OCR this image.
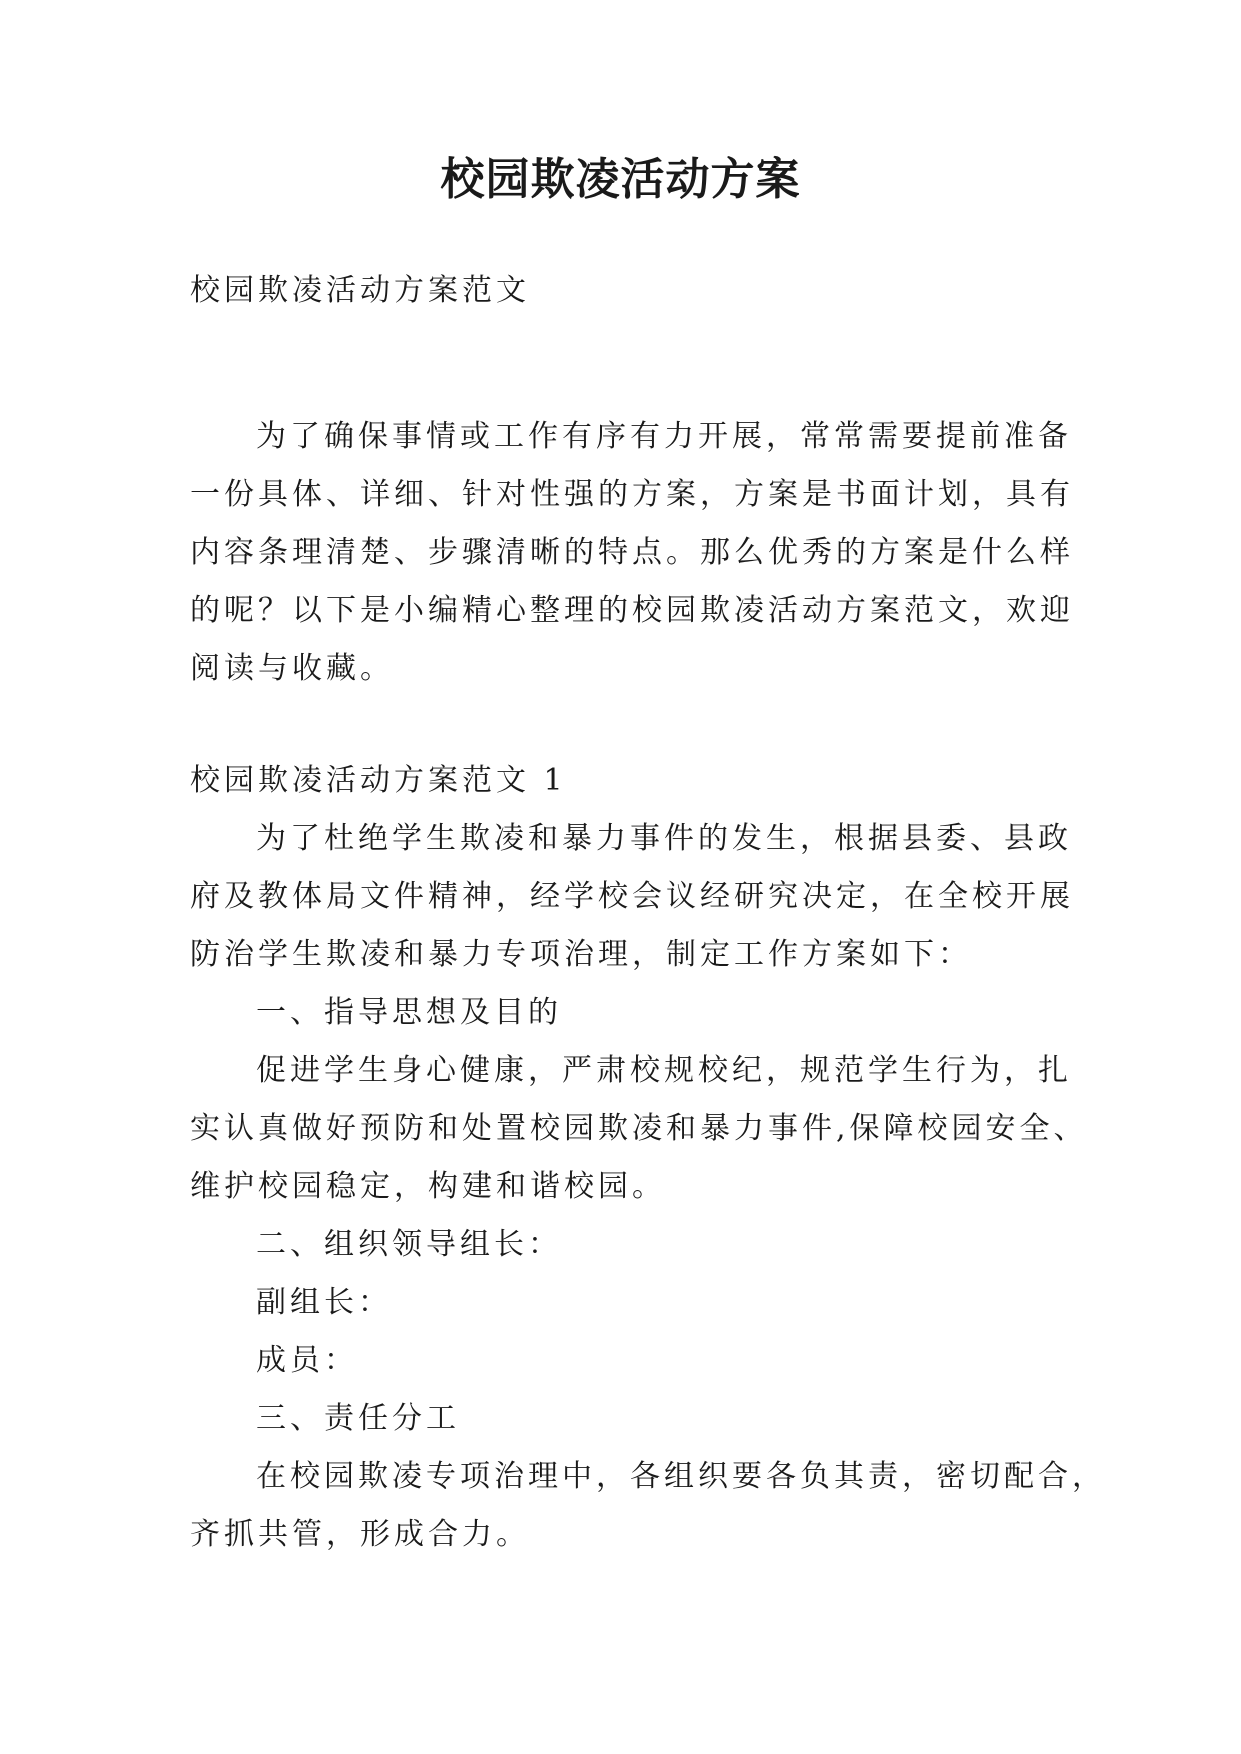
校园欺凌活动方案
校园欺凌活动方案范文
为了确保事情或工作有序有力开展，常常需要提前准备
一份具体、详细、针对性强的方案，方案是书面计划，具有
内容条理清楚、步骤清晰的特点。那么优秀的方案是什么样
的呢？以下是小编精心整理的校园欺凌活动方案范文，欢迎
阅读与收藏。
校园欺凌活动方案范文 1
为了杜绝学生欺凌和暴力事件的发生，根据县委、县政
府及教体局文件精神，经学校会议经研究决定，在全校开展
防治学生欺凌和暴力专项治理，制定工作方案如下：
一、指导思想及目的
促进学生身心健康，严肃校规校纪，规范学生行为，扎
实认真做好预防和处置校园欺凌和暴力事件,保障校园安全、
维护校园稳定，构建和谐校园。
二、组织领导组长：
副组长：
成员：
三、责任分工
在校园欺凌专项治理中，各组织要各负其责，密切配合，
齐抓共管，形成合力。
